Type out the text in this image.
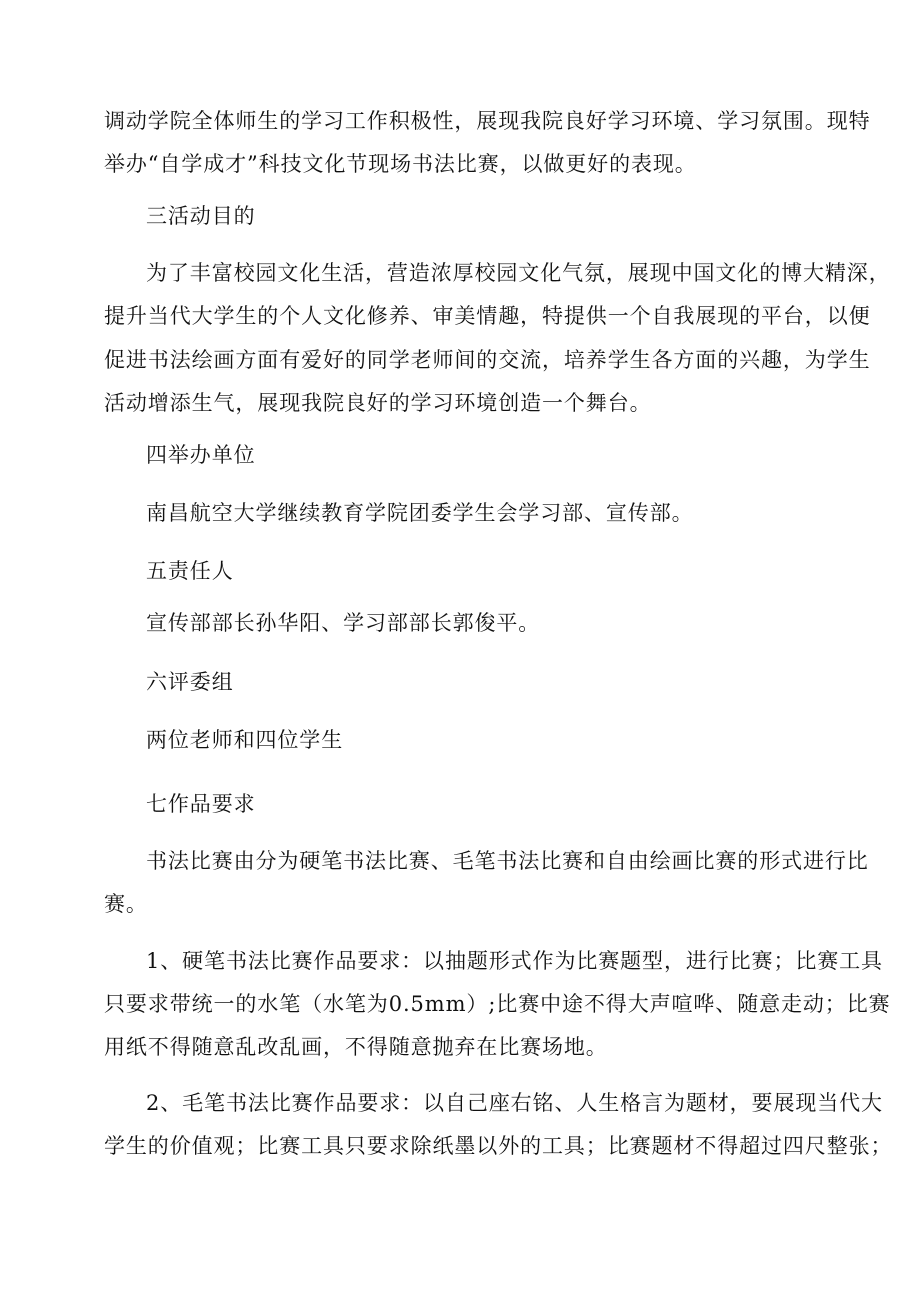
调动学院全体师生的学习工作积极性，展现我院良好学习环境、学习氛围。现特
举办“自学成才”科技文化节现场书法比赛，以做更好的表现。
三活动目的
为了丰富校园文化生活，营造浓厚校园文化气氛，展现中国文化的博大精深，
提升当代大学生的个人文化修养、审美情趣，特提供一个自我展现的平台，以便
促进书法绘画方面有爱好的同学老师间的交流，培养学生各方面的兴趣，为学生
活动增添生气，展现我院良好的学习环境创造一个舞台。
四举办单位
南昌航空大学继续教育学院团委学生会学习部、宣传部。
五责任人
宣传部部长孙华阳、学习部部长郭俊平。
六评委组
两位老师和四位学生
七作品要求
书法比赛由分为硬笔书法比赛、毛笔书法比赛和自由绘画比赛的形式进行比
赛。
1、硬笔书法比赛作品要求：以抽题形式作为比赛题型，进行比赛；比赛工具
只要求带统一的水笔（水笔为0.5mm）;比赛中途不得大声喧哗、随意走动；比赛
用纸不得随意乱改乱画，不得随意抛弃在比赛场地。
2、毛笔书法比赛作品要求：以自己座右铭、人生格言为题材，要展现当代大
学生的价值观；比赛工具只要求除纸墨以外的工具；比赛题材不得超过四尺整张；
